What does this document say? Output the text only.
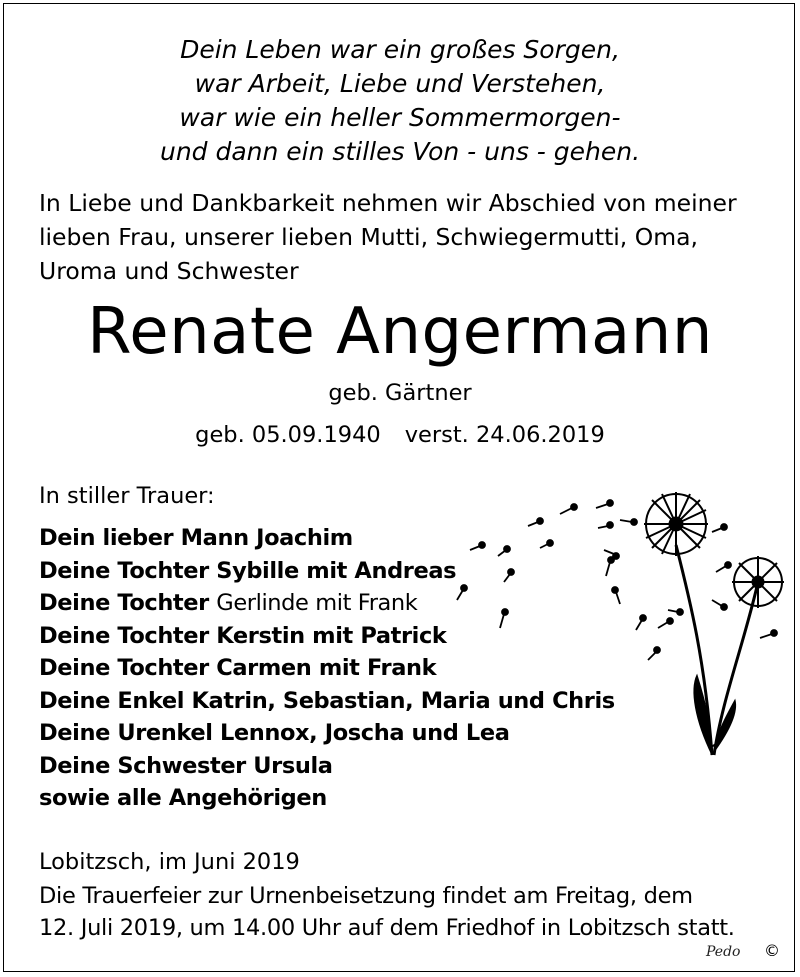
Dein Leben war ein großes Sorgen,
war Arbeit, Liebe und Verstehen,
war wie ein heller Sommermorgen-
und dann ein stilles Von - uns - gehen.
In Liebe und Dankbarkeit nehmen wir Abschied von meiner lieben Frau, unserer lieben Mutti, Schwiegermutti, Oma, Uroma und Schwester
Renate Angermann
geb. Gärtner
geb. 05.09.1940 verst. 24.06.2019
In stiller Trauer:
Dein lieber Mann Joachim
Deine Tochter Sybille mit Andreas
Deine Tochter Gerlinde mit Frank
Deine Tochter Kerstin mit Patrick
Deine Tochter Carmen mit Frank
Deine Enkel Katrin, Sebastian, Maria und Chris
Deine Urenkel Lennox, Joscha und Lea
Deine Schwester Ursula
sowie alle Angehörigen
Lobitzsch, im Juni 2019
Die Trauerfeier zur Urnenbeisetzung findet am Freitag, dem
12. Juli 2019, um 14.00 Uhr auf dem Friedhof in Lobitzsch statt.
Pedo ©
